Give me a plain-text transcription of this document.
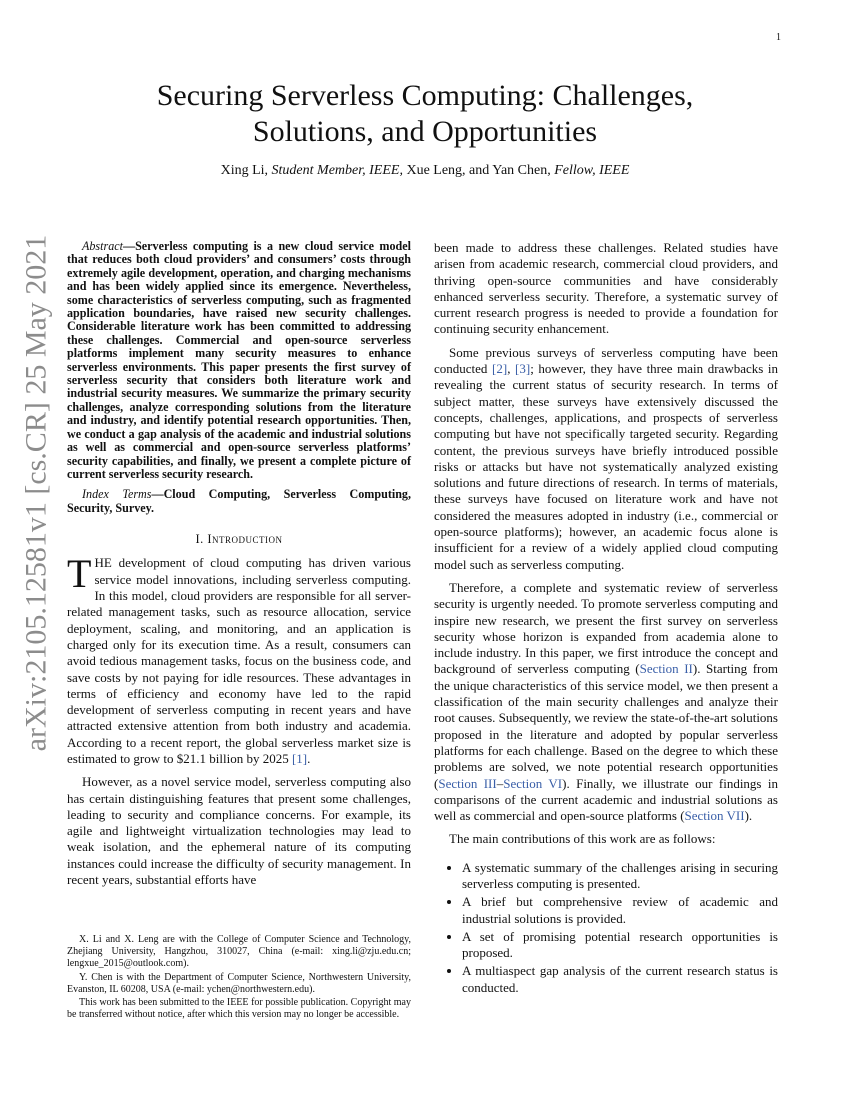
1
arXiv:2105.12581v1 [cs.CR] 25 May 2021
Securing Serverless Computing: Challenges,
Solutions, and Opportunities
Xing Li, Student Member, IEEE, Xue Leng, and Yan Chen, Fellow, IEEE

Abstract—Serverless computing is a new cloud service model that reduces both cloud providers’ and consumers’ costs through extremely agile development, operation, and charging mechanisms and has been widely applied since its emergence. Nevertheless, some characteristics of serverless computing, such as fragmented application boundaries, have raised new security challenges. Considerable literature work has been committed to addressing these challenges. Commercial and open-source serverless platforms implement many security measures to enhance serverless environments. This paper presents the first survey of serverless security that considers both literature work and industrial security measures. We summarize the primary security challenges, analyze corresponding solutions from the literature and industry, and identify potential research opportunities. Then, we conduct a gap analysis of the academic and industrial solutions as well as commercial and open-source serverless platforms’ security capabilities, and finally, we present a complete picture of current serverless security research.

Index Terms—Cloud Computing, Serverless Computing, Security, Survey.

I. Introduction

THE development of cloud computing has driven various service model innovations, including serverless computing. In this model, cloud providers are responsible for all server-related management tasks, such as resource allocation, service deployment, scaling, and monitoring, and an application is charged only for its execution time. As a result, consumers can avoid tedious management tasks, focus on the business code, and save costs by not paying for idle resources. These advantages in terms of efficiency and economy have led to the rapid development of serverless computing in recent years and have attracted extensive attention from both industry and academia. According to a recent report, the global serverless market size is estimated to grow to $21.1 billion by 2025 [1].

However, as a novel service model, serverless computing also has certain distinguishing features that present some challenges, leading to security and compliance concerns. For example, its agile and lightweight virtualization technologies may lead to weak isolation, and the ephemeral nature of its computing instances could increase the difficulty of security management. In recent years, substantial efforts have

X. Li and X. Leng are with the College of Computer Science and Technology, Zhejiang University, Hangzhou, 310027, China (e-mail: xing.li@zju.edu.cn; lengxue_2015@outlook.com).

Y. Chen is with the Department of Computer Science, Northwestern University, Evanston, IL 60208, USA (e-mail: ychen@northwestern.edu).

This work has been submitted to the IEEE for possible publication. Copyright may be transferred without notice, after which this version may no longer be accessible.

been made to address these challenges. Related studies have arisen from academic research, commercial cloud providers, and thriving open-source communities and have considerably enhanced serverless security. Therefore, a systematic survey of current research progress is needed to provide a foundation for continuing security enhancement.

Some previous surveys of serverless computing have been conducted [2], [3]; however, they have three main drawbacks in revealing the current status of security research. In terms of subject matter, these surveys have extensively discussed the concepts, challenges, applications, and prospects of serverless computing but have not specifically targeted security. Regarding content, the previous surveys have briefly introduced possible risks or attacks but have not systematically analyzed existing solutions and future directions of research. In terms of materials, these surveys have focused on literature work and have not considered the measures adopted in industry (i.e., commercial or open-source platforms); however, an academic focus alone is insufficient for a review of a widely applied cloud computing model such as serverless computing.

Therefore, a complete and systematic review of serverless security is urgently needed. To promote serverless computing and inspire new research, we present the first survey on serverless security whose horizon is expanded from academia alone to include industry. In this paper, we first introduce the concept and background of serverless computing (Section II). Starting from the unique characteristics of this service model, we then present a classification of the main security challenges and analyze their root causes. Subsequently, we review the state-of-the-art solutions proposed in the literature and adopted by popular serverless platforms for each challenge. Based on the degree to which these problems are solved, we note potential research opportunities (Section III–Section VI). Finally, we illustrate our findings in comparisons of the current academic and industrial solutions as well as commercial and open-source platforms (Section VII).

The main contributions of this work are as follows:

• A systematic summary of the challenges arising in securing serverless computing is presented.
• A brief but comprehensive review of academic and industrial solutions is provided.
• A set of promising potential research opportunities is proposed.
• A multiaspect gap analysis of the current research status is conducted.
